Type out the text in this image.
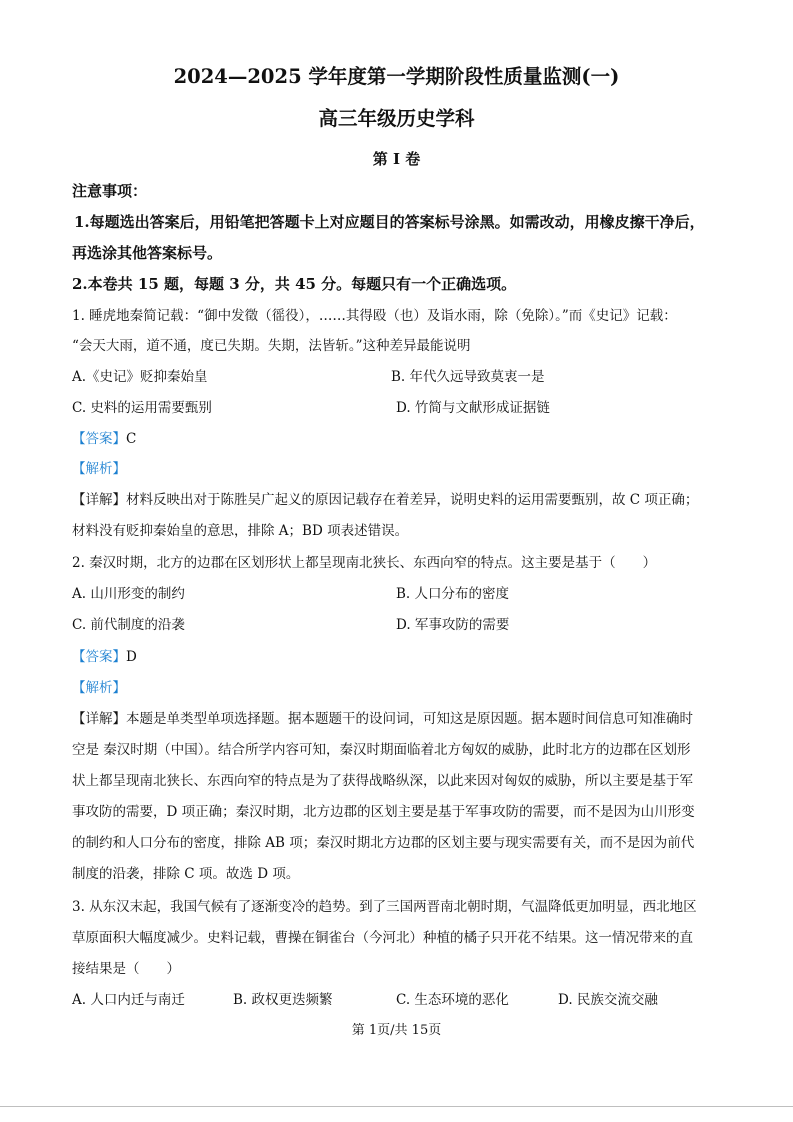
2024—2025 学年度第一学期阶段性质量监测(一)
高三年级历史学科
第 I 卷
注意事项：
1.每题选出答案后，用铅笔把答题卡上对应题目的答案标号涂黑。如需改动，用橡皮擦干净后，
再选涂其他答案标号。
2.本卷共 15 题，每题 3 分，共 45 分。每题只有一个正确选项。
1. 睡虎地秦简记载：“御中发徵（徭役），……其得殴（也）及诣水雨，除（免除）。”而《史记》记载：
“会天大雨，道不通，度已失期。失期，法皆斩。”这种差异最能说明
A.《史记》贬抑秦始皇	B. 年代久远导致莫衷一是
C. 史料的运用需要甄别	D. 竹简与文献形成证据链
【答案】C
【解析】
【详解】材料反映出对于陈胜吴广起义的原因记载存在着差异，说明史料的运用需要甄别，故 C 项正确；
材料没有贬抑秦始皇的意思，排除 A；BD 项表述错误。
2. 秦汉时期，北方的边郡在区划形状上都呈现南北狭长、东西向窄的特点。这主要是基于（　　）
A. 山川形变的制约	B. 人口分布的密度
C. 前代制度的沿袭	D. 军事攻防的需要
【答案】D
【解析】
【详解】本题是单类型单项选择题。据本题题干的设问词，可知这是原因题。据本题时间信息可知准确时
空是 秦汉时期（中国）。结合所学内容可知，秦汉时期面临着北方匈奴的威胁，此时北方的边郡在区划形
状上都呈现南北狭长、东西向窄的特点是为了获得战略纵深，以此来因对匈奴的威胁，所以主要是基于军
事攻防的需要，D 项正确；秦汉时期，北方边郡的区划主要是基于军事攻防的需要，而不是因为山川形变
的制约和人口分布的密度，排除 AB 项；秦汉时期北方边郡的区划主要与现实需要有关，而不是因为前代
制度的沿袭，排除 C 项。故选 D 项。
3. 从东汉末起，我国气候有了逐渐变冷的趋势。到了三国两晋南北朝时期，气温降低更加明显，西北地区
草原面积大幅度减少。史料记载，曹操在铜雀台（今河北）种植的橘子只开花不结果。这一情况带来的直
接结果是（　　）
A. 人口内迁与南迁	B. 政权更迭频繁	C. 生态环境的恶化	D. 民族交流交融
第 1页/共 15页
